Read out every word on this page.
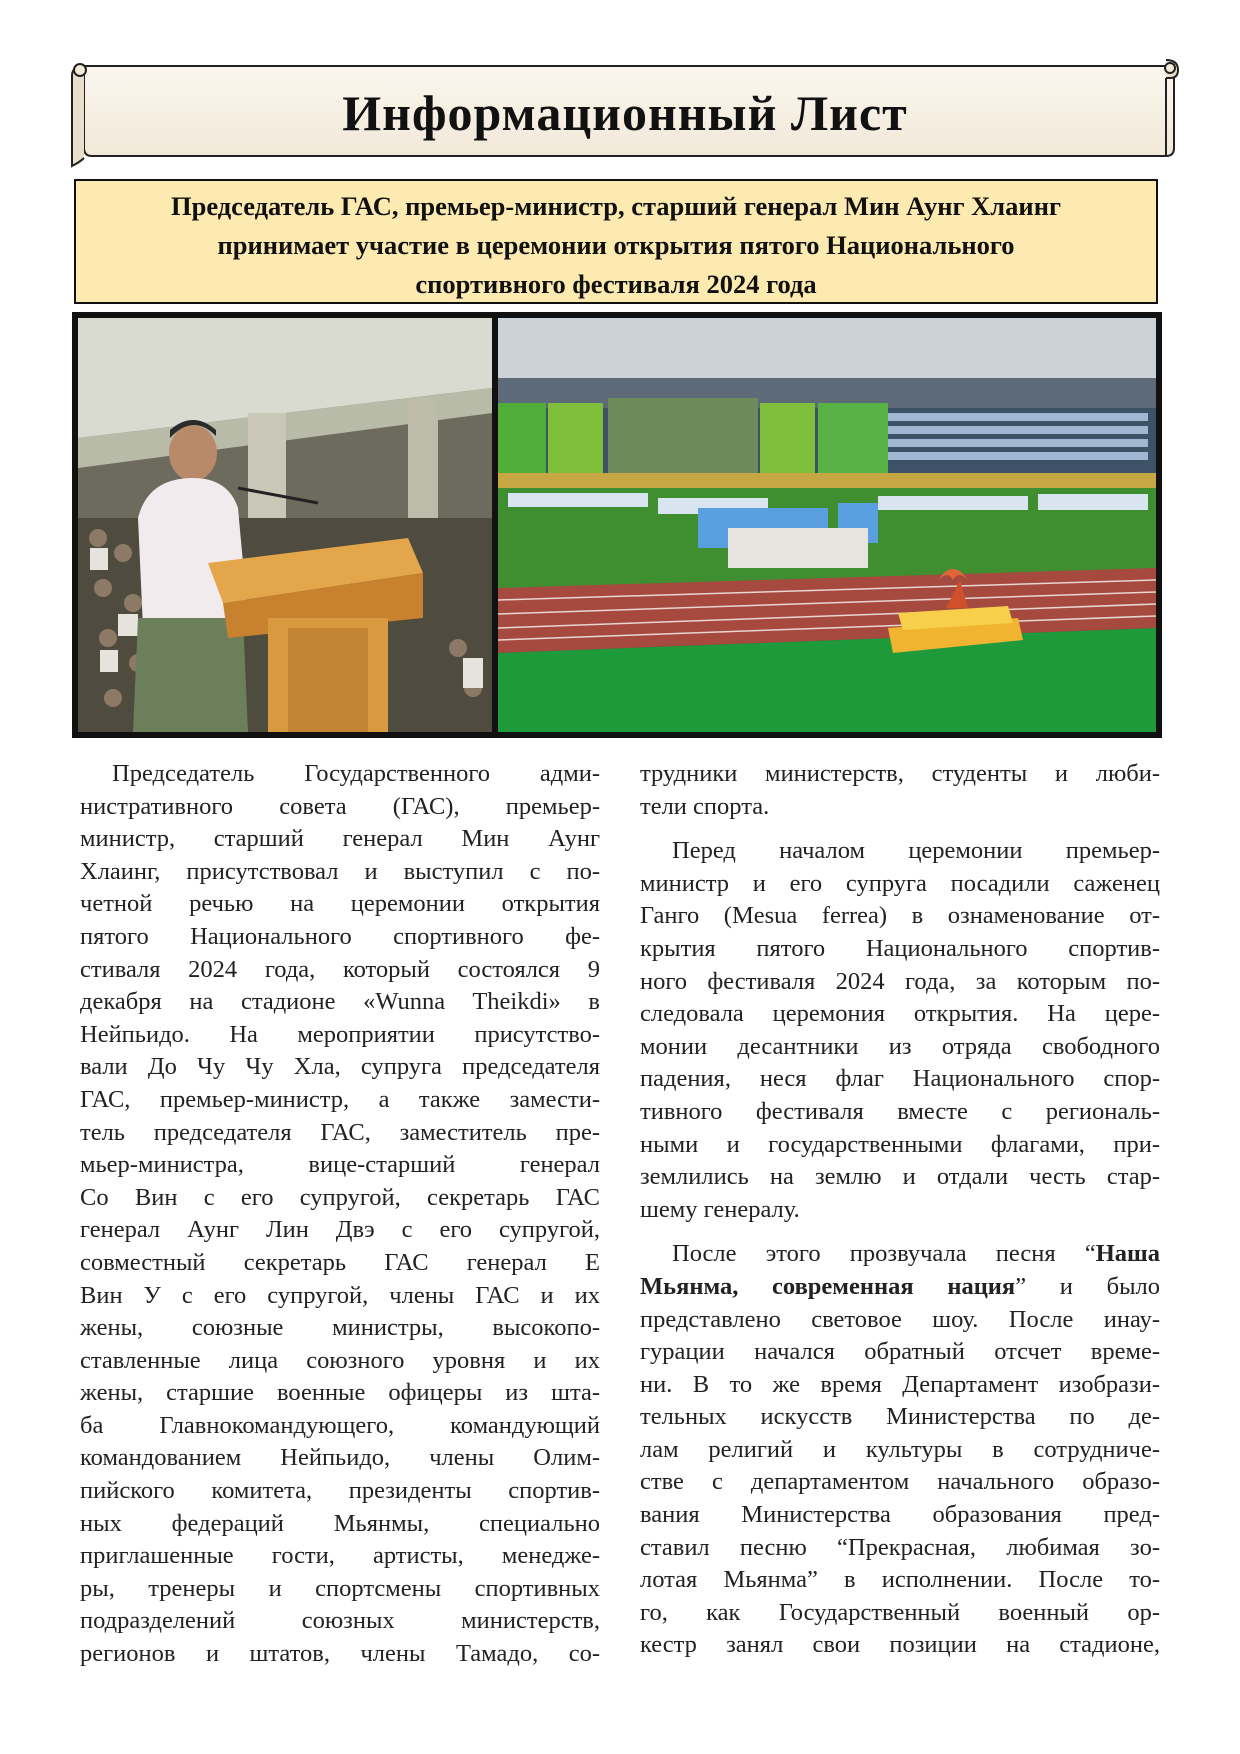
Информационный Лист
Председатель ГАС, премьер-министр, старший генерал Мин Аунг Хлаинг
принимает участие в церемонии открытия пятого Национального
спортивного фестиваля 2024 года
Председатель Государственного адми-
нистративного совета (ГАС), премьер-
министр, старший генерал Мин Аунг
Хлаинг, присутствовал и выступил с по-
четной речью на церемонии открытия
пятого Национального спортивного фе-
стиваля 2024 года, который состоялся 9
декабря на стадионе «Wunna Theikdi» в
Нейпьидо. На мероприятии присутство-
вали До Чу Чу Хла, супруга председателя
ГАС, премьер-министр, а также замести-
тель председателя ГАС, заместитель пре-
мьер-министра, вице-старший генерал
Со Вин с его супругой, секретарь ГАС
генерал Аунг Лин Двэ с его супругой,
совместный секретарь ГАС генерал Е
Вин У с его супругой, члены ГАС и их
жены, союзные министры, высокопо-
ставленные лица союзного уровня и их
жены, старшие военные офицеры из шта-
ба Главнокомандующего, командующий
командованием Нейпьидо, члены Олим-
пийского комитета, президенты спортив-
ных федераций Мьянмы, специально
приглашенные гости, артисты, менедже-
ры, тренеры и спортсмены спортивных
подразделений союзных министерств,
регионов и штатов, члены Тамадо, со-
трудники министерств, студенты и люби-
тели спорта.
Перед началом церемонии премьер-
министр и его супруга посадили саженец
Ганго (Mesua ferrea) в ознаменование от-
крытия пятого Национального спортив-
ного фестиваля 2024 года, за которым по-
следовала церемония открытия. На цере-
монии десантники из отряда свободного
падения, неся флаг Национального спор-
тивного фестиваля вместе с региональ-
ными и государственными флагами, при-
землились на землю и отдали честь стар-
шему генералу.
После этого прозвучала песня “Наша
Мьянма, современная нация” и было
представлено световое шоу. После инау-
гурации начался обратный отсчет време-
ни. В то же время Департамент изобрази-
тельных искусств Министерства по де-
лам религий и культуры в сотрудниче-
стве с департаментом начального образо-
вания Министерства образования пред-
ставил песню “Прекрасная, любимая зо-
лотая Мьянма” в исполнении. После то-
го, как Государственный военный ор-
кестр занял свои позиции на стадионе,
